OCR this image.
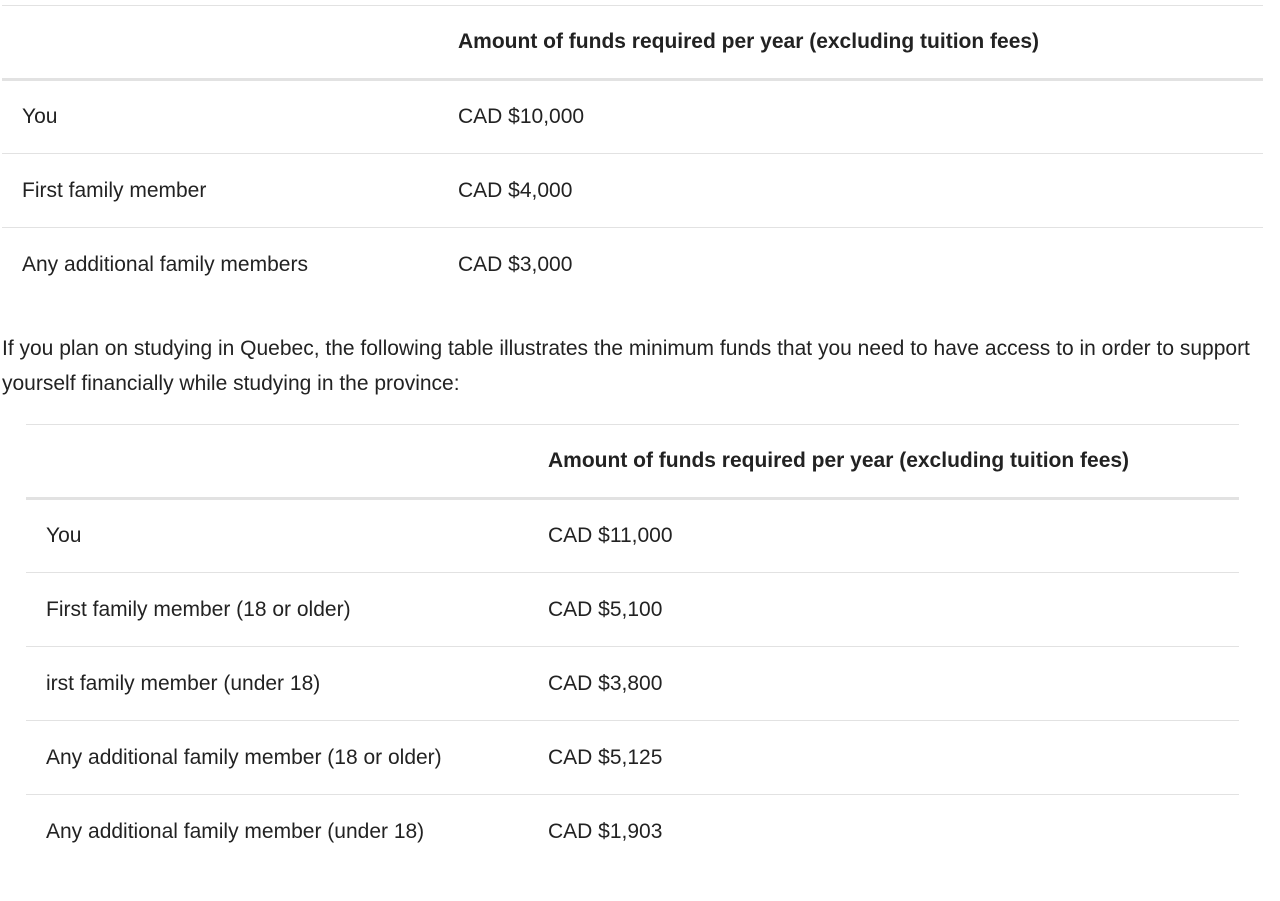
	Amount of funds required per year (excluding tuition fees)
You	CAD $10,000
First family member	CAD $4,000
Any additional family members	CAD $3,000

If you plan on studying in Quebec, the following table illustrates the minimum funds that you need to have access to in order to support yourself financially while studying in the province:

	Amount of funds required per year (excluding tuition fees)
You	CAD $11,000
First family member (18 or older)	CAD $5,100
irst family member (under 18)	CAD $3,800
Any additional family member (18 or older)	CAD $5,125
Any additional family member (under 18)	CAD $1,903
